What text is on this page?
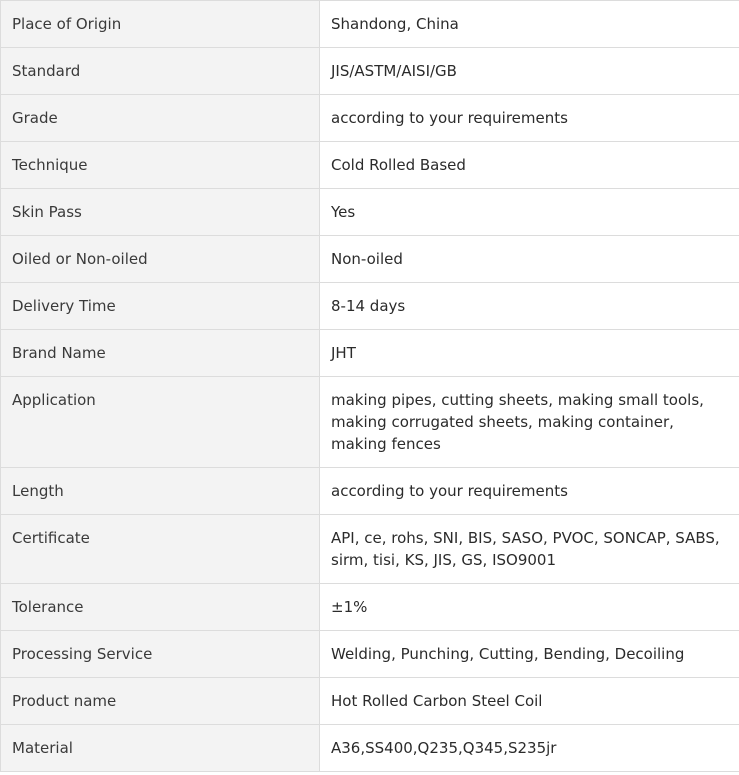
Place of Origin	Shandong, China
Standard	JIS/ASTM/AISI/GB
Grade	according to your requirements
Technique	Cold Rolled Based
Skin Pass	Yes
Oiled or Non-oiled	Non-oiled
Delivery Time	8-14 days
Brand Name	JHT
Application	making pipes, cutting sheets, making small tools, making corrugated sheets, making container, making fences
Length	according to your requirements
Certificate	API, ce, rohs, SNI, BIS, SASO, PVOC, SONCAP, SABS, sirm, tisi, KS, JIS, GS, ISO9001
Tolerance	±1%
Processing Service	Welding, Punching, Cutting, Bending, Decoiling
Product name	Hot Rolled Carbon Steel Coil
Material	A36,SS400,Q235,Q345,S235jr
